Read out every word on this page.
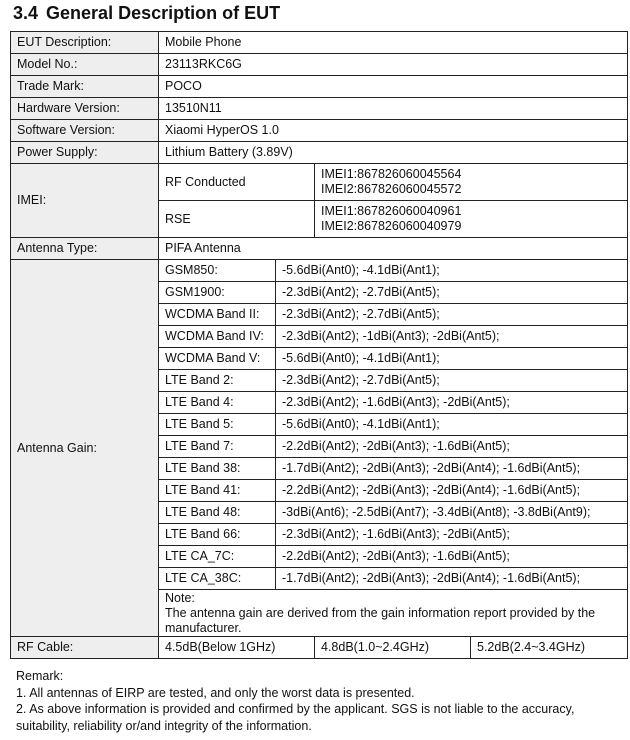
3.4 General Description of EUT
EUT Description:	Mobile Phone			
Model No.:	23113RKC6G			
Trade Mark:	POCO			
Hardware Version:	13510N11			
Software Version:	Xiaomi HyperOS 1.0			
Power Supply:	Lithium Battery (3.89V)			
IMEI:	RF Conducted		IMEI1:867826060045564
IMEI2:867826060045572	

	RSE		IMEI1:867826060040961
IMEI2:867826060040979	

Antenna Type:	PIFA Antenna			
Antenna Gain:	GSM850:	-5.6dBi(Ant0); -4.1dBi(Ant1);		
	GSM1900:	-2.3dBi(Ant2); -2.7dBi(Ant5);		
	WCDMA Band II:	-2.3dBi(Ant2); -2.7dBi(Ant5);		
	WCDMA Band IV:	-2.3dBi(Ant2); -1dBi(Ant3); -2dBi(Ant5);		
	WCDMA Band V:	-5.6dBi(Ant0); -4.1dBi(Ant1);		
	LTE Band 2:	-2.3dBi(Ant2); -2.7dBi(Ant5);		
	LTE Band 4:	-2.3dBi(Ant2); -1.6dBi(Ant3); -2dBi(Ant5);		
	LTE Band 5:	-5.6dBi(Ant0); -4.1dBi(Ant1);		
	LTE Band 7:	-2.2dBi(Ant2); -2dBi(Ant3); -1.6dBi(Ant5);		
	LTE Band 38:	-1.7dBi(Ant2); -2dBi(Ant3); -2dBi(Ant4); -1.6dBi(Ant5);		
	LTE Band 41:	-2.2dBi(Ant2); -2dBi(Ant3); -2dBi(Ant4); -1.6dBi(Ant5);		
	LTE Band 48:	-3dBi(Ant6); -2.5dBi(Ant7); -3.4dBi(Ant8); -3.8dBi(Ant9);		
	LTE Band 66:	-2.3dBi(Ant2); -1.6dBi(Ant3); -2dBi(Ant5);		
	LTE CA_7C:	-2.2dBi(Ant2); -2dBi(Ant3); -1.6dBi(Ant5);		
	LTE CA_38C:	-1.7dBi(Ant2); -2dBi(Ant3); -2dBi(Ant4); -1.6dBi(Ant5);		

	Note:
The antenna gain are derived from the gain information report provided by the manufacturer.			

RF Cable:	4.5dB(Below 1GHz)		4.8dB(1.0~2.4GHz)	5.2dB(2.4~3.4GHz)
Remark:
1. All antennas of EIRP are tested, and only the worst data is presented.
2. As above information is provided and confirmed by the applicant. SGS is not liable to the accuracy, suitability, reliability or/and integrity of the information.
